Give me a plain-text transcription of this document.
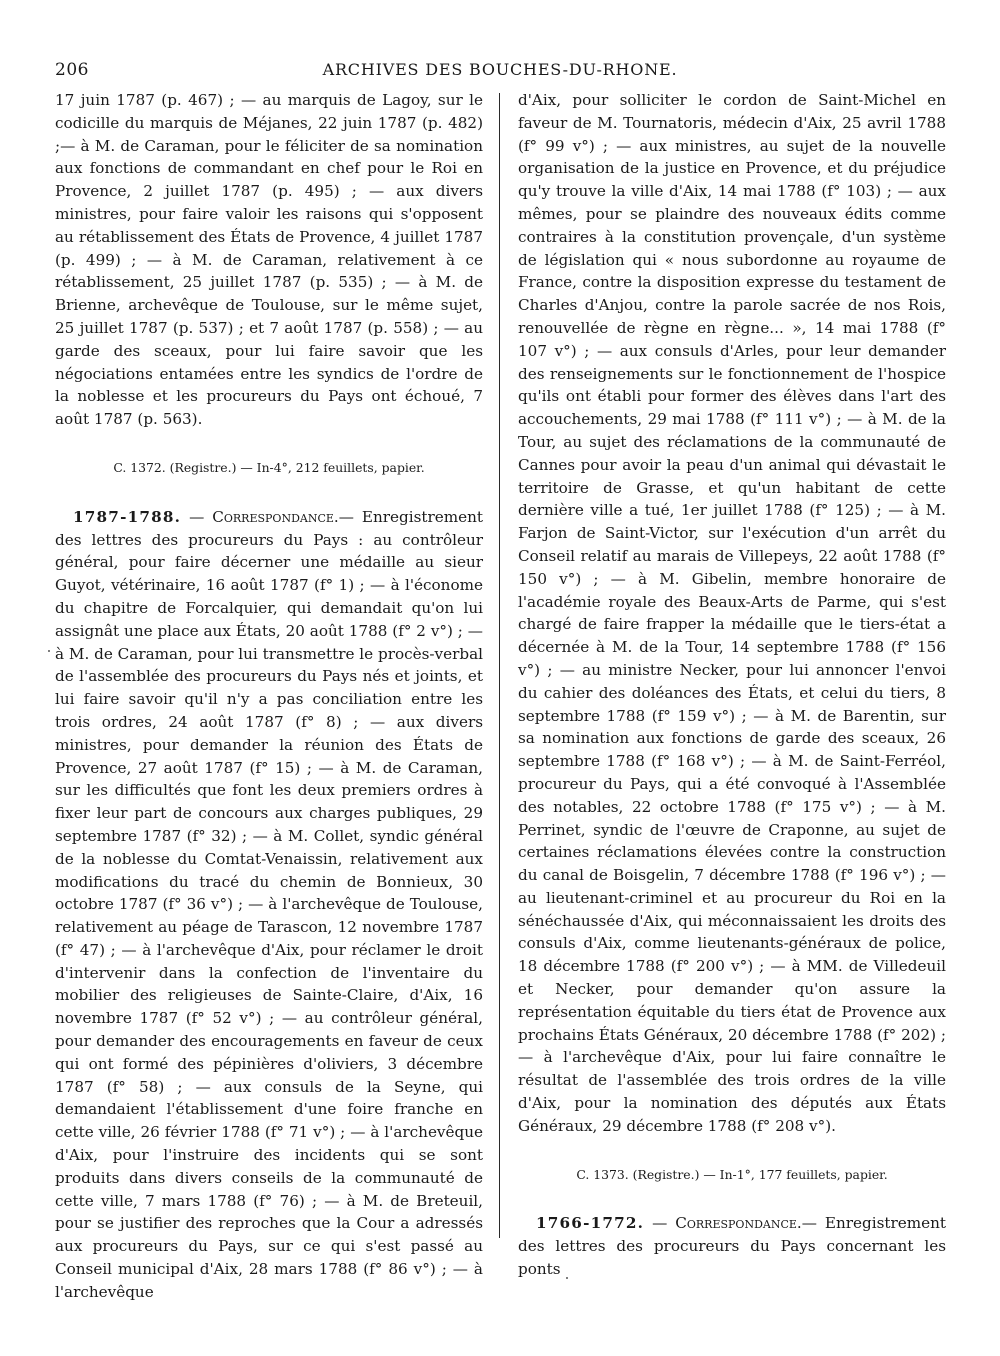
206	ARCHIVES DES BOUCHES-DU-RHONE.

17 juin 1787 (p. 467) ; — au marquis de Lagoy, sur le codicille du marquis de Méjanes, 22 juin 1787 (p. 482) ;— à M. de Caraman, pour le féliciter de sa nomination aux fonctions de commandant en chef pour le Roi en Provence, 2 juillet 1787 (p. 495) ; — aux divers ministres, pour faire valoir les raisons qui s'opposent au rétablissement des États de Provence, 4 juillet 1787 (p. 499) ; — à M. de Caraman, relativement à ce rétablissement, 25 juillet 1787 (p. 535) ; — à M. de Brienne, archevêque de Toulouse, sur le même sujet, 25 juillet 1787 (p. 537) ; et 7 août 1787 (p. 558) ; — au garde des sceaux, pour lui faire savoir que les négociations entamées entre les syndics de l'ordre de la noblesse et les procureurs du Pays ont échoué, 7 août 1787 (p. 563).

C. 1372. (Registre.) — In-4°, 212 feuillets, papier.

1787-1788. — Correspondance.— Enregistrement des lettres des procureurs du Pays : au contrôleur général, pour faire décerner une médaille au sieur Guyot, vétérinaire, 16 août 1787 (f° 1) ; — à l'économe du chapitre de Forcalquier, qui demandait qu'on lui assignât une place aux États, 20 août 1788 (f° 2 v°) ; — à M. de Caraman, pour lui transmettre le procès-verbal de l'assemblée des procureurs du Pays nés et joints, et lui faire savoir qu'il n'y a pas conciliation entre les trois ordres, 24 août 1787 (f° 8) ; — aux divers ministres, pour demander la réunion des États de Provence, 27 août 1787 (f° 15) ; — à M. de Caraman, sur les difficultés que font les deux premiers ordres à fixer leur part de concours aux charges publiques, 29 septembre 1787 (f° 32) ; — à M. Collet, syndic général de la noblesse du Comtat-Venaissin, relativement aux modifications du tracé du chemin de Bonnieux, 30 octobre 1787 (f° 36 v°) ; — à l'archevêque de Toulouse, relativement au péage de Tarascon, 12 novembre 1787 (f° 47) ; — à l'archevêque d'Aix, pour réclamer le droit d'intervenir dans la confection de l'inventaire du mobilier des religieuses de Sainte-Claire, d'Aix, 16 novembre 1787 (f° 52 v°) ; — au contrôleur général, pour demander des encouragements en faveur de ceux qui ont formé des pépinières d'oliviers, 3 décembre 1787 (f° 58) ; — aux consuls de la Seyne, qui demandaient l'établissement d'une foire franche en cette ville, 26 février 1788 (f° 71 v°) ; — à l'archevêque d'Aix, pour l'instruire des incidents qui se sont produits dans divers conseils de la communauté de cette ville, 7 mars 1788 (f° 76) ; — à M. de Breteuil, pour se justifier des reproches que la Cour a adressés aux procureurs du Pays, sur ce qui s'est passé au Conseil municipal d'Aix, 28 mars 1788 (f° 86 v°) ; — à l'archevêque

d'Aix, pour solliciter le cordon de Saint-Michel en faveur de M. Tournatoris, médecin d'Aix, 25 avril 1788 (f° 99 v°) ; — aux ministres, au sujet de la nouvelle organisation de la justice en Provence, et du préjudice qu'y trouve la ville d'Aix, 14 mai 1788 (f° 103) ; — aux mêmes, pour se plaindre des nouveaux édits comme contraires à la constitution provençale, d'un système de législation qui « nous subordonne au royaume de France, contre la disposition expresse du testament de Charles d'Anjou, contre la parole sacrée de nos Rois, renouvellée de règne en règne... », 14 mai 1788 (f° 107 v°) ; — aux consuls d'Arles, pour leur demander des renseignements sur le fonctionnement de l'hospice qu'ils ont établi pour former des élèves dans l'art des accouchements, 29 mai 1788 (f° 111 v°) ; — à M. de la Tour, au sujet des réclamations de la communauté de Cannes pour avoir la peau d'un animal qui dévastait le territoire de Grasse, et qu'un habitant de cette dernière ville a tué, 1er juillet 1788 (f° 125) ; — à M. Farjon de Saint-Victor, sur l'exécution d'un arrêt du Conseil relatif au marais de Villepeys, 22 août 1788 (f° 150 v°) ; — à M. Gibelin, membre honoraire de l'académie royale des Beaux-Arts de Parme, qui s'est chargé de faire frapper la médaille que le tiers-état a décernée à M. de la Tour, 14 septembre 1788 (f° 156 v°) ; — au ministre Necker, pour lui annoncer l'envoi du cahier des doléances des États, et celui du tiers, 8 septembre 1788 (f° 159 v°) ; — à M. de Barentin, sur sa nomination aux fonctions de garde des sceaux, 26 septembre 1788 (f° 168 v°) ; — à M. de Saint-Ferréol, procureur du Pays, qui a été convoqué à l'Assemblée des notables, 22 octobre 1788 (f° 175 v°) ; — à M. Perrinet, syndic de l'œuvre de Craponne, au sujet de certaines réclamations élevées contre la construction du canal de Boisgelin, 7 décembre 1788 (f° 196 v°) ; — au lieutenant-criminel et au procureur du Roi en la sénéchaussée d'Aix, qui méconnaissaient les droits des consuls d'Aix, comme lieutenants-généraux de police, 18 décembre 1788 (f° 200 v°) ; — à MM. de Villedeuil et Necker, pour demander qu'on assure la représentation équitable du tiers état de Provence aux prochains États Généraux, 20 décembre 1788 (f° 202) ; — à l'archevêque d'Aix, pour lui faire connaître le résultat de l'assemblée des trois ordres de la ville d'Aix, pour la nomination des députés aux États Généraux, 29 décembre 1788 (f° 208 v°).

C. 1373. (Registre.) — In-1°, 177 feuillets, papier.

1766-1772. — Correspondance.— Enregistrement des lettres des procureurs du Pays concernant les ponts
